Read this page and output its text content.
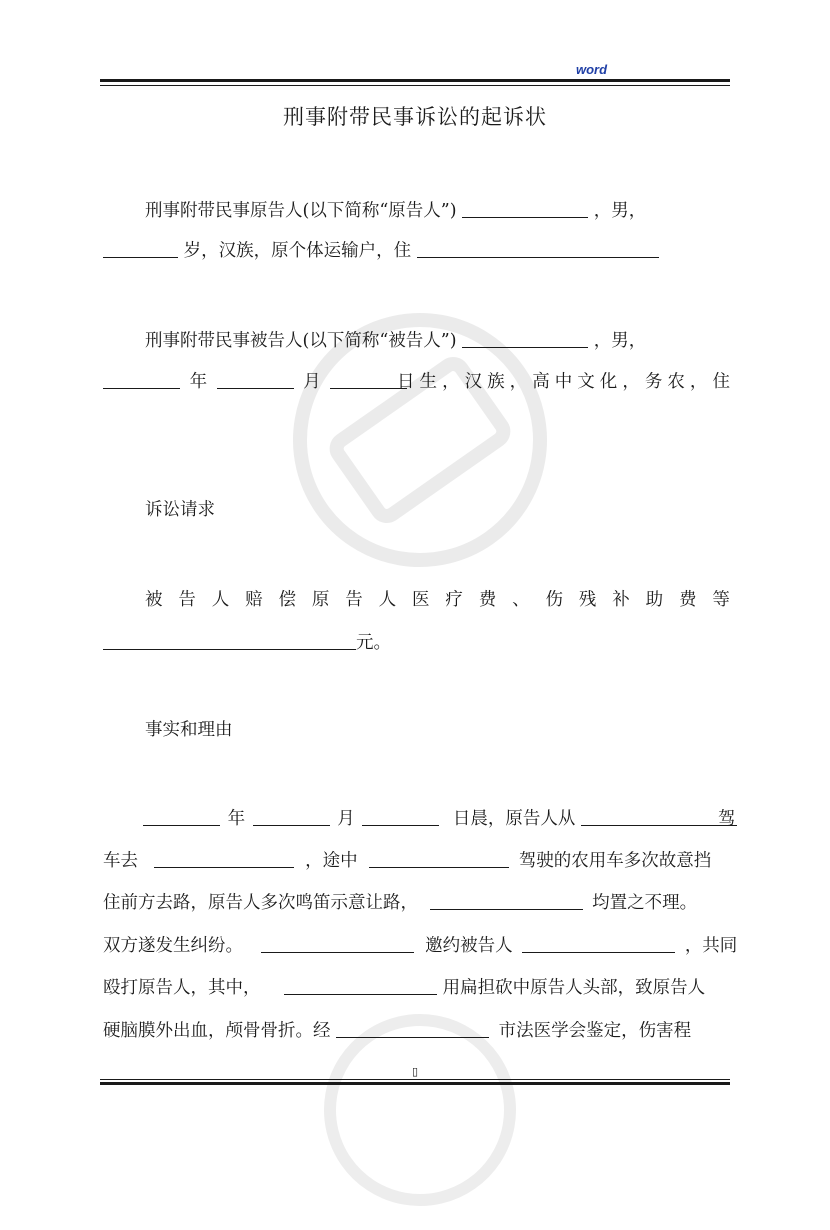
word
刑事附带民事诉讼的起诉状
刑事附带民事原告人(以下简称“原告人”)	，男，
岁，汉族，原个体运输户，住
刑事附带民事被告人(以下简称“被告人”)	，男，
年	月	日 生 ， 汉 族 ， 高 中 文 化 ， 务 农 ， 住
诉讼请求
被 告 人 赔 偿 原 告 人 医 疗 费 、 伤 残 补 助 费 等
元。
事实和理由
年	月	日晨，原告人从	驾
车去	，途中	驾驶的农用车多次故意挡
住前方去路，原告人多次鸣笛示意让路，	均置之不理。
双方遂发生纠纷。	邀约被告人	，共同
殴打原告人，其中，	用扁担砍中原告人头部，致原告人
硬脑膜外出血，颅骨骨折。经	市法医学会鉴定，伤害程
▯
